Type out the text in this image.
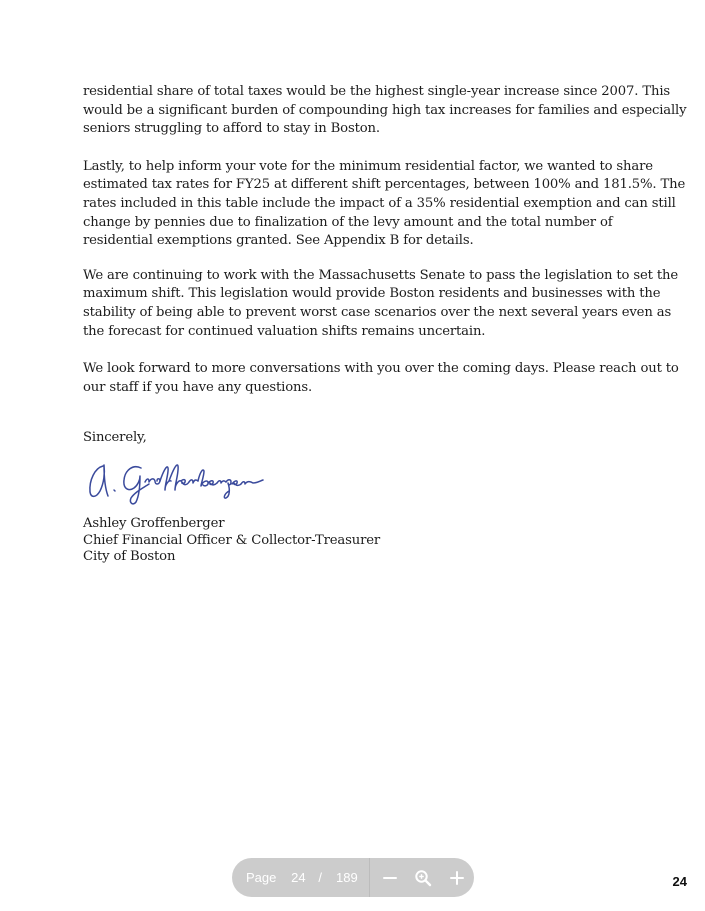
residential share of total taxes would be the highest single-year increase since 2007. This
would be a significant burden of compounding high tax increases for families and especially
seniors struggling to afford to stay in Boston.

Lastly, to help inform your vote for the minimum residential factor, we wanted to share
estimated tax rates for FY25 at different shift percentages, between 100% and 181.5%. The
rates included in this table include the impact of a 35% residential exemption and can still
change by pennies due to finalization of the levy amount and the total number of
residential exemptions granted. See Appendix B for details.

We are continuing to work with the Massachusetts Senate to pass the legislation to set the
maximum shift. This legislation would provide Boston residents and businesses with the
stability of being able to prevent worst case scenarios over the next several years even as
the forecast for continued valuation shifts remains uncertain.

We look forward to more conversations with you over the coming days. Please reach out to
our staff if you have any questions.

Sincerely,

Ashley Groffenberger
Chief Financial Officer & Collector-Treasurer
City of Boston
24
Page
24	/ 189
